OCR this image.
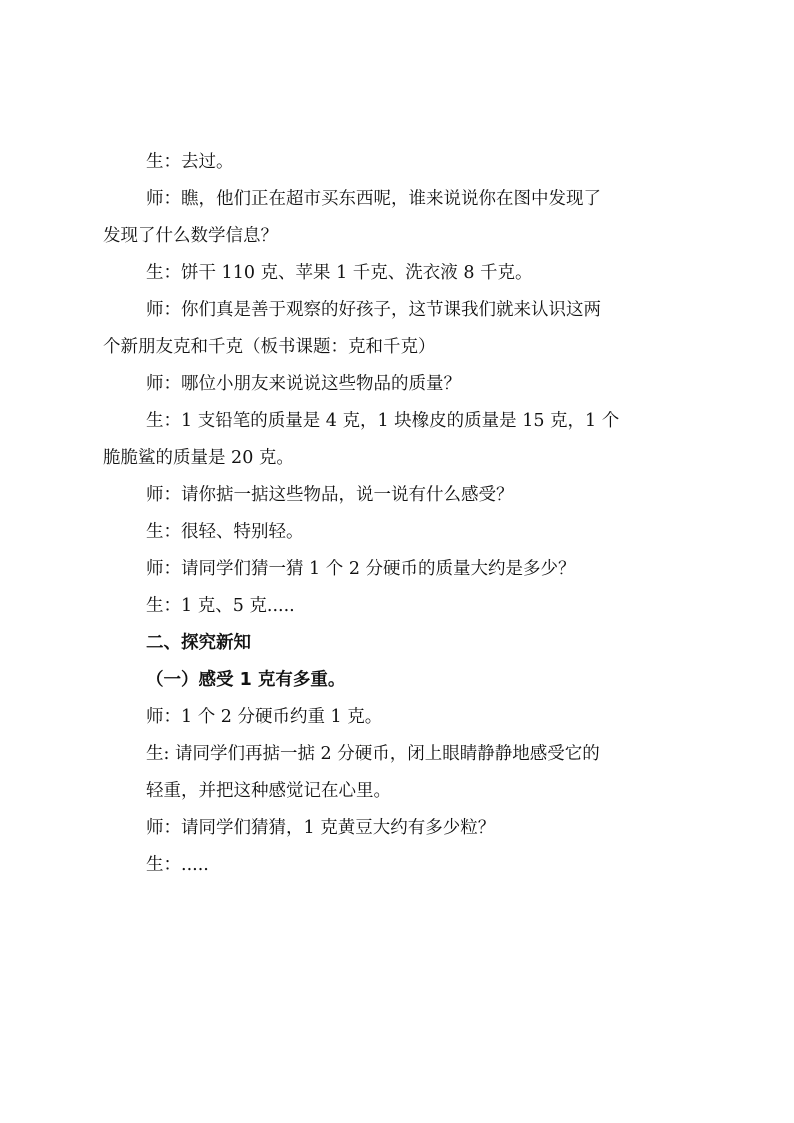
生：去过。
师：瞧，他们正在超市买东西呢，谁来说说你在图中发现了
发现了什么数学信息？
生：饼干 110 克、苹果 1 千克、洗衣液 8 千克。
师：你们真是善于观察的好孩子，这节课我们就来认识这两
个新朋友克和千克（板书课题：克和千克）
师：哪位小朋友来说说这些物品的质量？
生：1 支铅笔的质量是 4 克，1 块橡皮的质量是 15 克，1 个
脆脆鲨的质量是 20 克。
师：请你掂一掂这些物品，说一说有什么感受？
生：很轻、特别轻。
师：请同学们猜一猜 1 个 2 分硬币的质量大约是多少？
生：1 克、5 克.....
二、探究新知
（一）感受 1 克有多重。
师：1 个 2 分硬币约重 1 克。
生: 请同学们再掂一掂 2 分硬币，闭上眼睛静静地感受它的
轻重，并把这种感觉记在心里。
师：请同学们猜猜，1 克黄豆大约有多少粒？
生：.....
